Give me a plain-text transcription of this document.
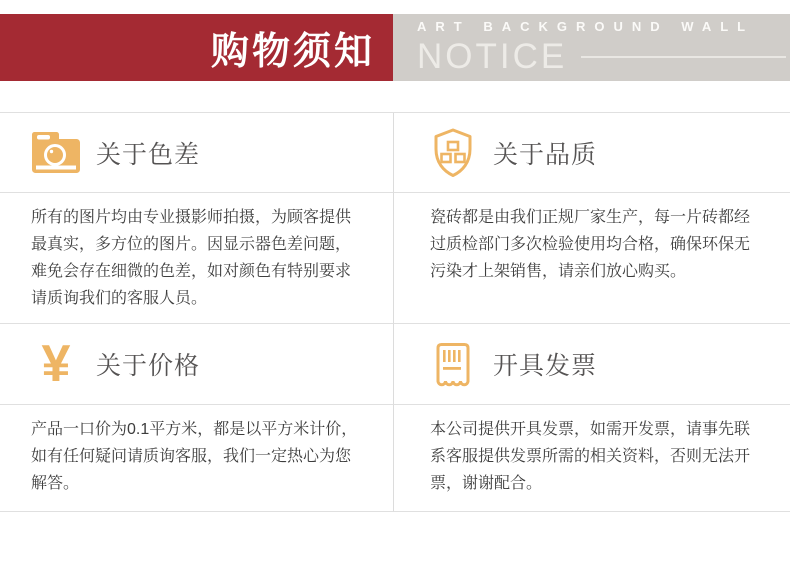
购物须知
ART BACKGROUND WALL
NOTICE
关于色差	关于品质
所有的图片均由专业摄影师拍摄，为顾客提供最真实，多方位的图片。因显示器色差问题，难免会存在细微的色差，如对颜色有特别要求请质询我们的客服人员。
瓷砖都是由我们正规厂家生产，每一片砖都经过质检部门多次检验使用均合格，确保环保无污染才上架销售，请亲们放心购买。
¥ 关于价格	开具发票
产品一口价为0.1平方米，都是以平方米计价，如有任何疑问请质询客服，我们一定热心为您解答。
本公司提供开具发票，如需开发票，请事先联系客服提供发票所需的相关资料，否则无法开票，谢谢配合。
